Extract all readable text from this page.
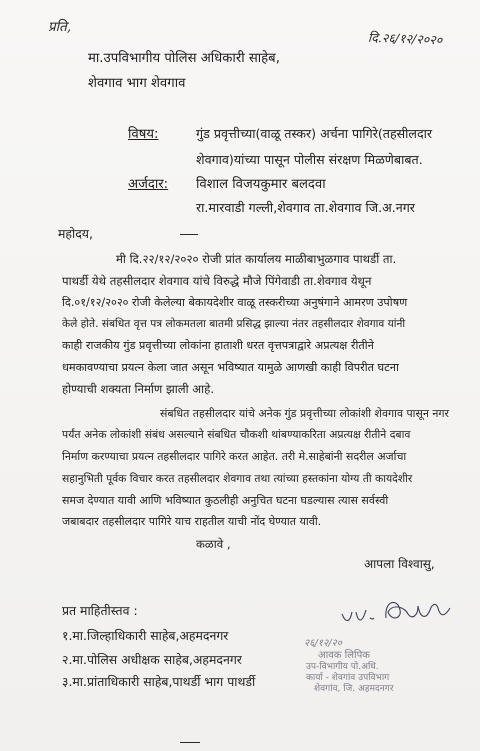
प्रति,
दि.२६/१२/२०२०
मा.उपविभागीय पोलिस अधिकारी साहेब,
शेवगाव भाग शेवगाव
विषय:	गुंड प्रवृत्तीच्या(वाळू तस्कर) अर्चना पागिरे(तहसीलदार
शेवगाव)यांच्या पासून पोलीस संरक्षण मिळणेबाबत.
अर्जदार: विशाल विजयकुमार बलदवा
रा.मारवाडी गल्ली,शेवगाव ता.शेवगाव जि.अ.नगर
महोदय,
मी दि.२२/१२/२०२० रोजी प्रांत कार्यालय माळीबाभुळगाव पाथर्डी ता.
पाथर्डी येथे तहसीलदार शेवगाव यांचे विरुद्धे मौजे पिंगेवाडी ता.शेवगाव येथून
दि.०१/१२/२०२० रोजी केलेल्या बेकायदेशीर वाळू तस्करीच्या अनुषंगाने आमरण उपोषण
केले होते. संबधित वृत्त पत्र लोकमतला बातमी प्रसिद्ध झाल्या नंतर तहसीलदार शेवगाव यांनी
काही राजकीय गुंड प्रवृत्तीच्या लोकांना हाताशी धरत वृत्तपत्राद्वारे अप्रत्यक्ष रीतीने
धमकावण्याचा प्रयत्न केला जात असून भविष्यात यामुळे आणखी काही विपरीत घटना
होण्याची शक्यता निर्माण झाली आहे.
संबधित तहसीलदार यांचे अनेक गुंड प्रवृत्तीच्या लोकांशी शेवगाव पासून नगर
पर्यंत अनेक लोकांशी संबंध असल्याने संबधित चौकशी थांबण्याकरिता अप्रत्यक्ष रीतीने दबाव
निर्माण करण्याचा प्रयत्न तहसीलदार पागिरे करत आहेत. तरी मे.साहेबांनी सदरील अर्जाचा
सहानुभिती पूर्वक विचार करत तहसीलदार शेवगाव तथा त्यांच्या हस्तकांना योग्य ती कायदेशीर
समज देण्यात यावी आणि भविष्यात कुठलीही अनुचित घटना घडल्यास त्यास सर्वस्वी
जबाबदार तहसीलदार पागिरे याच राहतील याची नोंद घेण्यात यावी.
कळावे ,
आपला विश्वासु,
प्रत माहितीस्तव :
१.मा.जिल्हाधिकारी साहेब,अहमदनगर
२.मा.पोलिस अधीक्षक साहेब,अहमदनगर
३.मा.प्रांताधिकारी साहेब,पाथर्डी भाग पाथर्डी
२६/१२/२०
आवक लिपिक
उप-विभागीय पो.अधि.
कार्या - शेवगांव उपविभाग
शेवगांव, जि. अहमदनगर
